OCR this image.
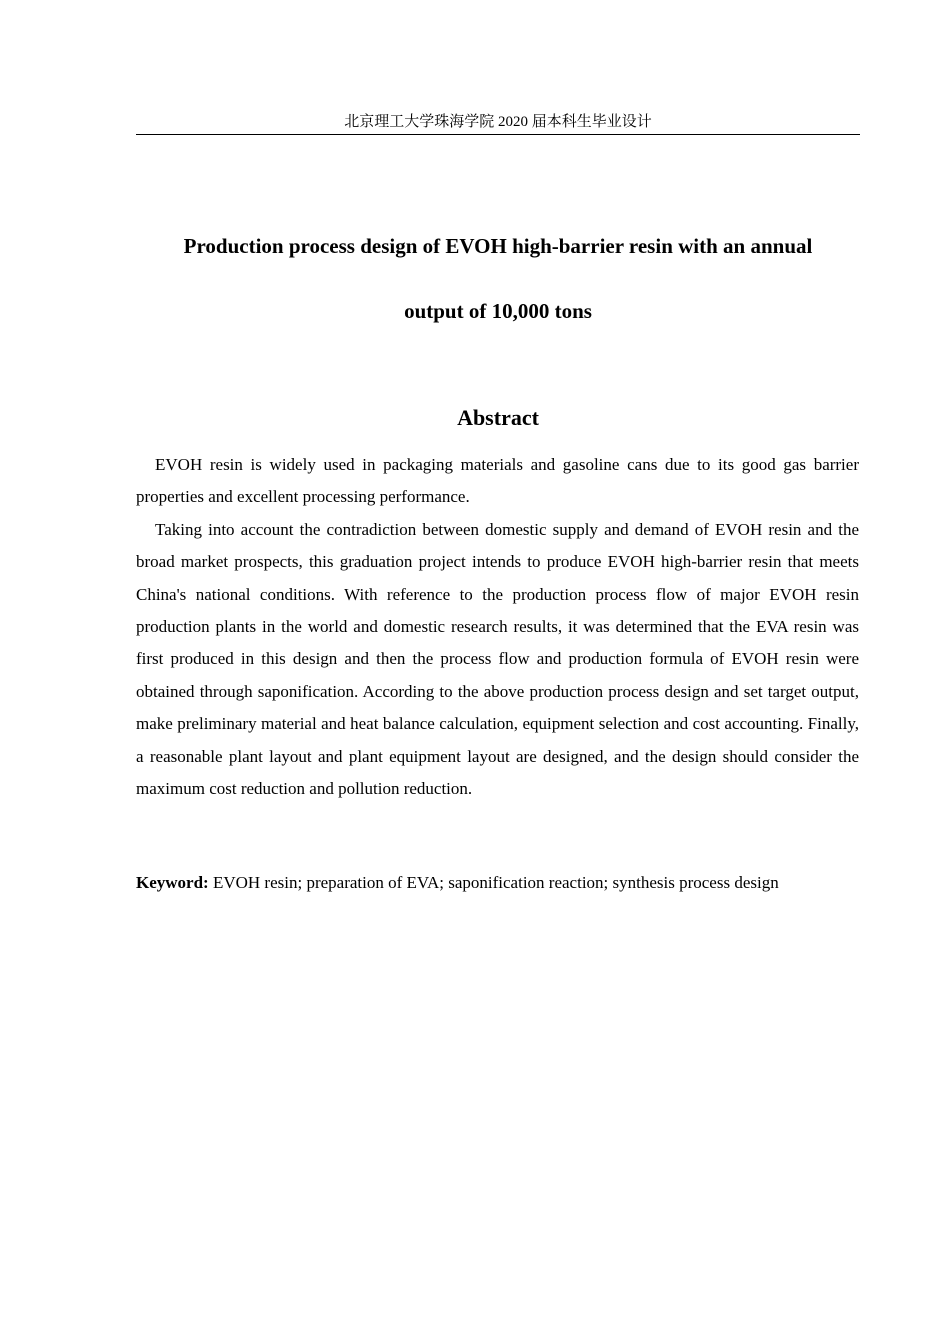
北京理工大学珠海学院 2020 届本科生毕业设计
Production process design of EVOH high-barrier resin with an annual
output of 10,000 tons
Abstract

EVOH resin is widely used in packaging materials and gasoline cans due to its good gas barrier properties and excellent processing performance.

Taking into account the contradiction between domestic supply and demand of EVOH resin and the broad market prospects, this graduation project intends to produce EVOH high-barrier resin that meets China's national conditions. With reference to the production process flow of major EVOH resin production plants in the world and domestic research results, it was determined that the EVA resin was first produced in this design and then the process flow and production formula of EVOH resin were obtained through saponification. According to the above production process design and set target output, make preliminary material and heat balance calculation, equipment selection and cost accounting. Finally, a reasonable plant layout and plant equipment layout are designed, and the design should consider the maximum cost reduction and pollution reduction.

Keyword: EVOH resin; preparation of EVA; saponification reaction; synthesis process design
